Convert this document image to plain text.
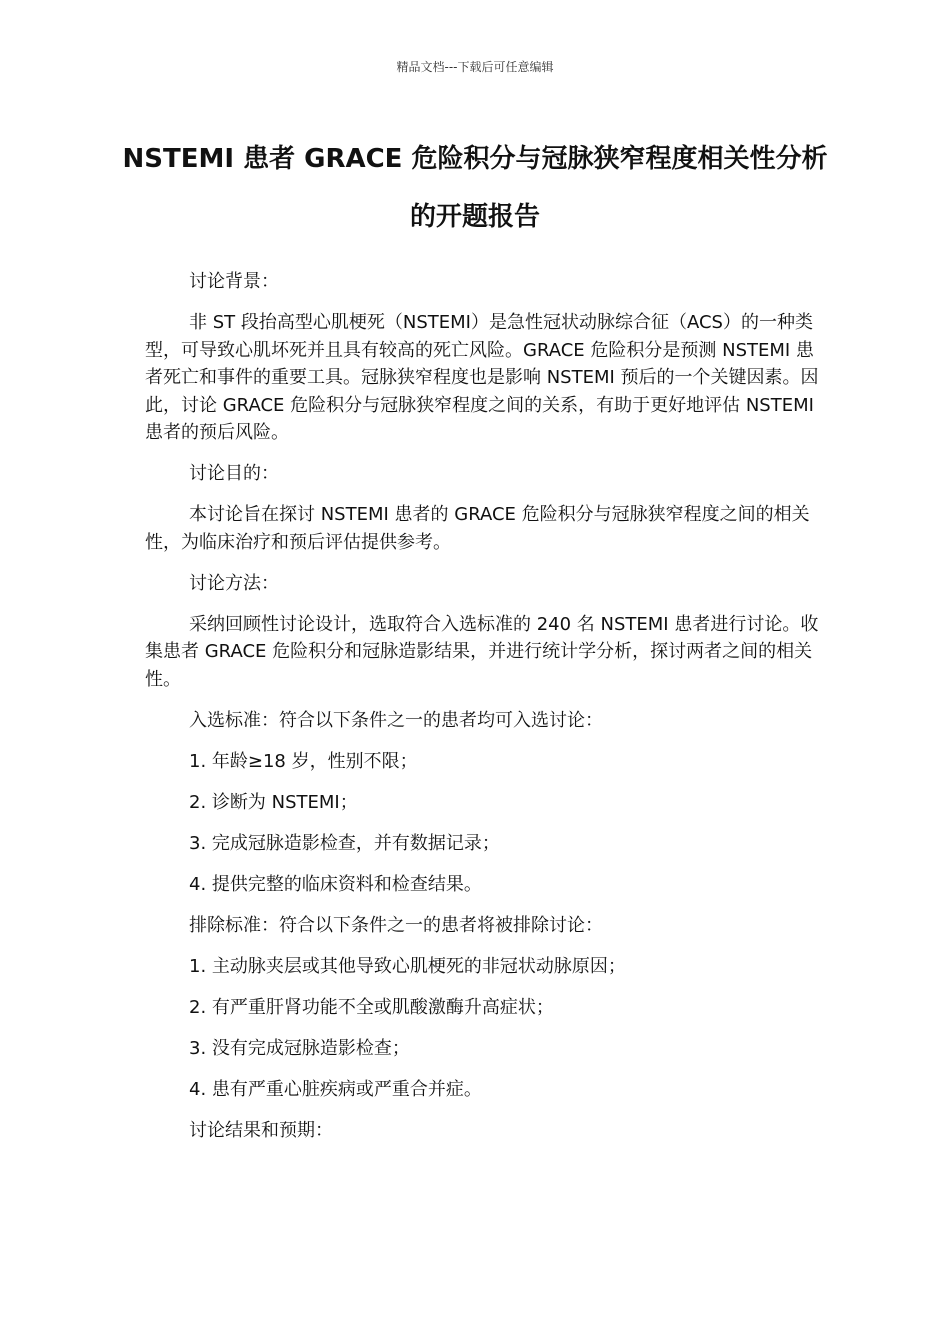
精品文档---下载后可任意编辑
NSTEMI 患者 GRACE 危险积分与冠脉狭窄程度相关性分析的开题报告

讨论背景：

非 ST 段抬高型心肌梗死（NSTEMI）是急性冠状动脉综合征（ACS）的一种类型，可导致心肌坏死并且具有较高的死亡风险。GRACE 危险积分是预测 NSTEMI 患者死亡和事件的重要工具。冠脉狭窄程度也是影响 NSTEMI 预后的一个关键因素。因此，讨论 GRACE 危险积分与冠脉狭窄程度之间的关系，有助于更好地评估 NSTEMI 患者的预后风险。

讨论目的：

本讨论旨在探讨 NSTEMI 患者的 GRACE 危险积分与冠脉狭窄程度之间的相关性，为临床治疗和预后评估提供参考。

讨论方法：

采纳回顾性讨论设计，选取符合入选标准的 240 名 NSTEMI 患者进行讨论。收集患者 GRACE 危险积分和冠脉造影结果，并进行统计学分析，探讨两者之间的相关性。

入选标准：符合以下条件之一的患者均可入选讨论：

1. 年龄≥18 岁，性别不限；

2. 诊断为 NSTEMI；

3. 完成冠脉造影检查，并有数据记录；

4. 提供完整的临床资料和检查结果。

排除标准：符合以下条件之一的患者将被排除讨论：

1. 主动脉夹层或其他导致心肌梗死的非冠状动脉原因；

2. 有严重肝肾功能不全或肌酸激酶升高症状；

3. 没有完成冠脉造影检查；

4. 患有严重心脏疾病或严重合并症。

讨论结果和预期：
